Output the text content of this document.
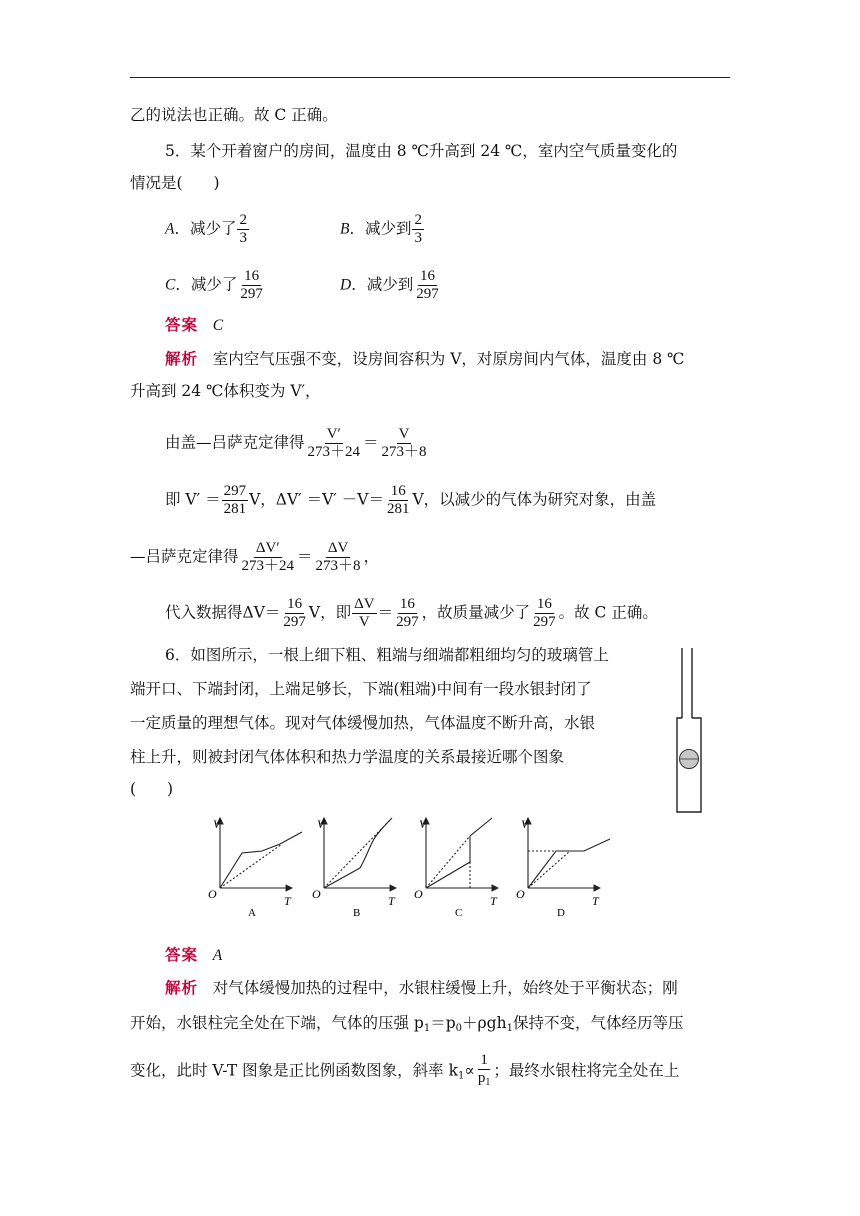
乙的说法也正确。故 C 正确。
5．某个开着窗户的房间，温度由 8 ℃升高到 24 ℃，室内空气质量变化的
情况是(　　)
A．减少了 $\frac{2}{3}$	B．减少到 $\frac{2}{3}$
C．减少了 $\frac{16}{297}$	D．减少到 $\frac{16}{297}$
答案 C
解析 室内空气压强不变，设房间容积为 V，对原房间内气体，温度由 8 ℃
升高到 24 ℃体积变为 V′，
由盖—吕萨克定律得 $\frac{V'}{273+24} = \frac{V}{273+8}$
即 $V' = \frac{297}{281}$ V，$\Delta V' =V' -V= \frac{16}{281}$ V，以减少的气体为研究对象，由盖
—吕萨克定律得 $\frac{\Delta V'}{273+24} = \frac{\Delta V}{273+8}$ ，
代入数据得$\Delta V= \frac{16}{297}$ V，即 $\frac{\Delta V}{V} = \frac{16}{297}$ ，故质量减少了 $\frac{16}{297}$ 。故 C 正确。
6．如图所示，一根上细下粗、粗端与细端都粗细均匀的玻璃管上
端开口、下端封闭，上端足够长，下端(粗端)中间有一段水银封闭了
一定质量的理想气体。现对气体缓慢加热，气体温度不断升高，水银
柱上升，则被封闭气体体积和热力学温度的关系最接近哪个图象
(　　)
V
O	T
A
V
O	T
B
V
O	T
C
V
O	T
D
答案 A
解析 对气体缓慢加热的过程中，水银柱缓慢上升，始终处于平衡状态；刚
开始，水银柱完全处在下端，气体的压强 $p_1=p_0+\rho gh_1$保持不变，气体经历等压
变化，此时 V-T 图象是正比例函数图象，斜率 $k_1\propto \frac{1}{p_1}$ ；最终水银柱将完全处在上
